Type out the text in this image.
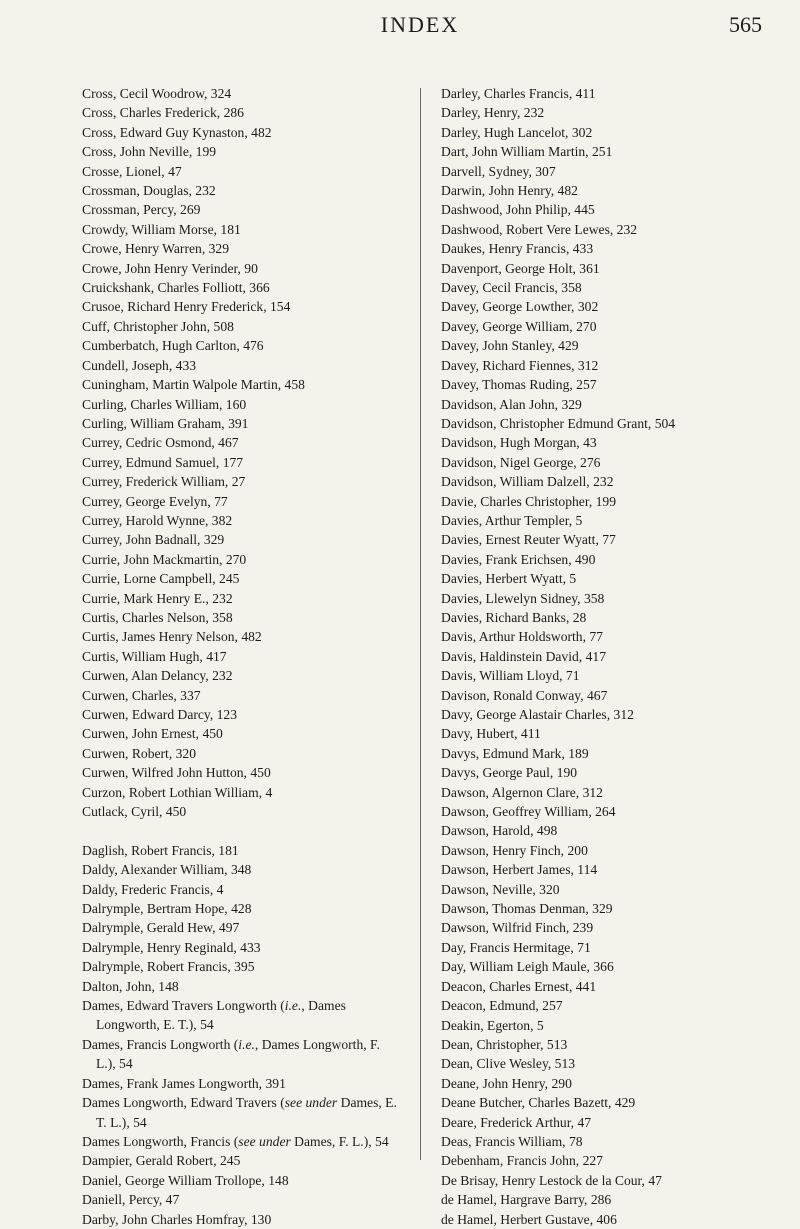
INDEX	565

Cross, Cecil Woodrow, 324

Cross, Charles Frederick, 286

Cross, Edward Guy Kynaston, 482

Cross, John Neville, 199

Crosse, Lionel, 47

Crossman, Douglas, 232

Crossman, Percy, 269

Crowdy, William Morse, 181

Crowe, Henry Warren, 329

Crowe, John Henry Verinder, 90

Cruickshank, Charles Folliott, 366

Crusoe, Richard Henry Frederick, 154

Cuff, Christopher John, 508

Cumberbatch, Hugh Carlton, 476

Cundell, Joseph, 433

Cuningham, Martin Walpole Martin, 458

Curling, Charles William, 160

Curling, William Graham, 391

Currey, Cedric Osmond, 467

Currey, Edmund Samuel, 177

Currey, Frederick William, 27

Currey, George Evelyn, 77

Currey, Harold Wynne, 382

Currey, John Badnall, 329

Currie, John Mackmartin, 270

Currie, Lorne Campbell, 245

Currie, Mark Henry E., 232

Curtis, Charles Nelson, 358

Curtis, James Henry Nelson, 482

Curtis, William Hugh, 417

Curwen, Alan Delancy, 232

Curwen, Charles, 337

Curwen, Edward Darcy, 123

Curwen, John Ernest, 450

Curwen, Robert, 320

Curwen, Wilfred John Hutton, 450

Curzon, Robert Lothian William, 4

Cutlack, Cyril, 450

Daglish, Robert Francis, 181

Daldy, Alexander William, 348

Daldy, Frederic Francis, 4

Dalrymple, Bertram Hope, 428

Dalrymple, Gerald Hew, 497

Dalrymple, Henry Reginald, 433

Dalrymple, Robert Francis, 395

Dalton, John, 148

Dames, Edward Travers Longworth (i.e., Dames Longworth, E. T.), 54

Dames, Francis Longworth (i.e., Dames Longworth, F. L.), 54

Dames, Frank James Longworth, 391

Dames Longworth, Edward Travers (see under Dames, E. T. L.), 54

Dames Longworth, Francis (see under Dames, F. L.), 54

Dampier, Gerald Robert, 245

Daniel, George William Trollope, 148

Daniell, Percy, 47

Darby, John Charles Homfray, 130

Darley, Charles Francis, 411

Darley, Henry, 232

Darley, Hugh Lancelot, 302

Dart, John William Martin, 251

Darvell, Sydney, 307

Darwin, John Henry, 482

Dashwood, John Philip, 445

Dashwood, Robert Vere Lewes, 232

Daukes, Henry Francis, 433

Davenport, George Holt, 361

Davey, Cecil Francis, 358

Davey, George Lowther, 302

Davey, George William, 270

Davey, John Stanley, 429

Davey, Richard Fiennes, 312

Davey, Thomas Ruding, 257

Davidson, Alan John, 329

Davidson, Christopher Edmund Grant, 504

Davidson, Hugh Morgan, 43

Davidson, Nigel George, 276

Davidson, William Dalzell, 232

Davie, Charles Christopher, 199

Davies, Arthur Templer, 5

Davies, Ernest Reuter Wyatt, 77

Davies, Frank Erichsen, 490

Davies, Herbert Wyatt, 5

Davies, Llewelyn Sidney, 358

Davies, Richard Banks, 28

Davis, Arthur Holdsworth, 77

Davis, Haldinstein David, 417

Davis, William Lloyd, 71

Davison, Ronald Conway, 467

Davy, George Alastair Charles, 312

Davy, Hubert, 411

Davys, Edmund Mark, 189

Davys, George Paul, 190

Dawson, Algernon Clare, 312

Dawson, Geoffrey William, 264

Dawson, Harold, 498

Dawson, Henry Finch, 200

Dawson, Herbert James, 114

Dawson, Neville, 320

Dawson, Thomas Denman, 329

Dawson, Wilfrid Finch, 239

Day, Francis Hermitage, 71

Day, William Leigh Maule, 366

Deacon, Charles Ernest, 441

Deacon, Edmund, 257

Deakin, Egerton, 5

Dean, Christopher, 513

Dean, Clive Wesley, 513

Deane, John Henry, 290

Deane Butcher, Charles Bazett, 429

Deare, Frederick Arthur, 47

Deas, Francis William, 78

Debenham, Francis John, 227

De Brisay, Henry Lestock de la Cour, 47

de Hamel, Hargrave Barry, 286

de Hamel, Herbert Gustave, 406
